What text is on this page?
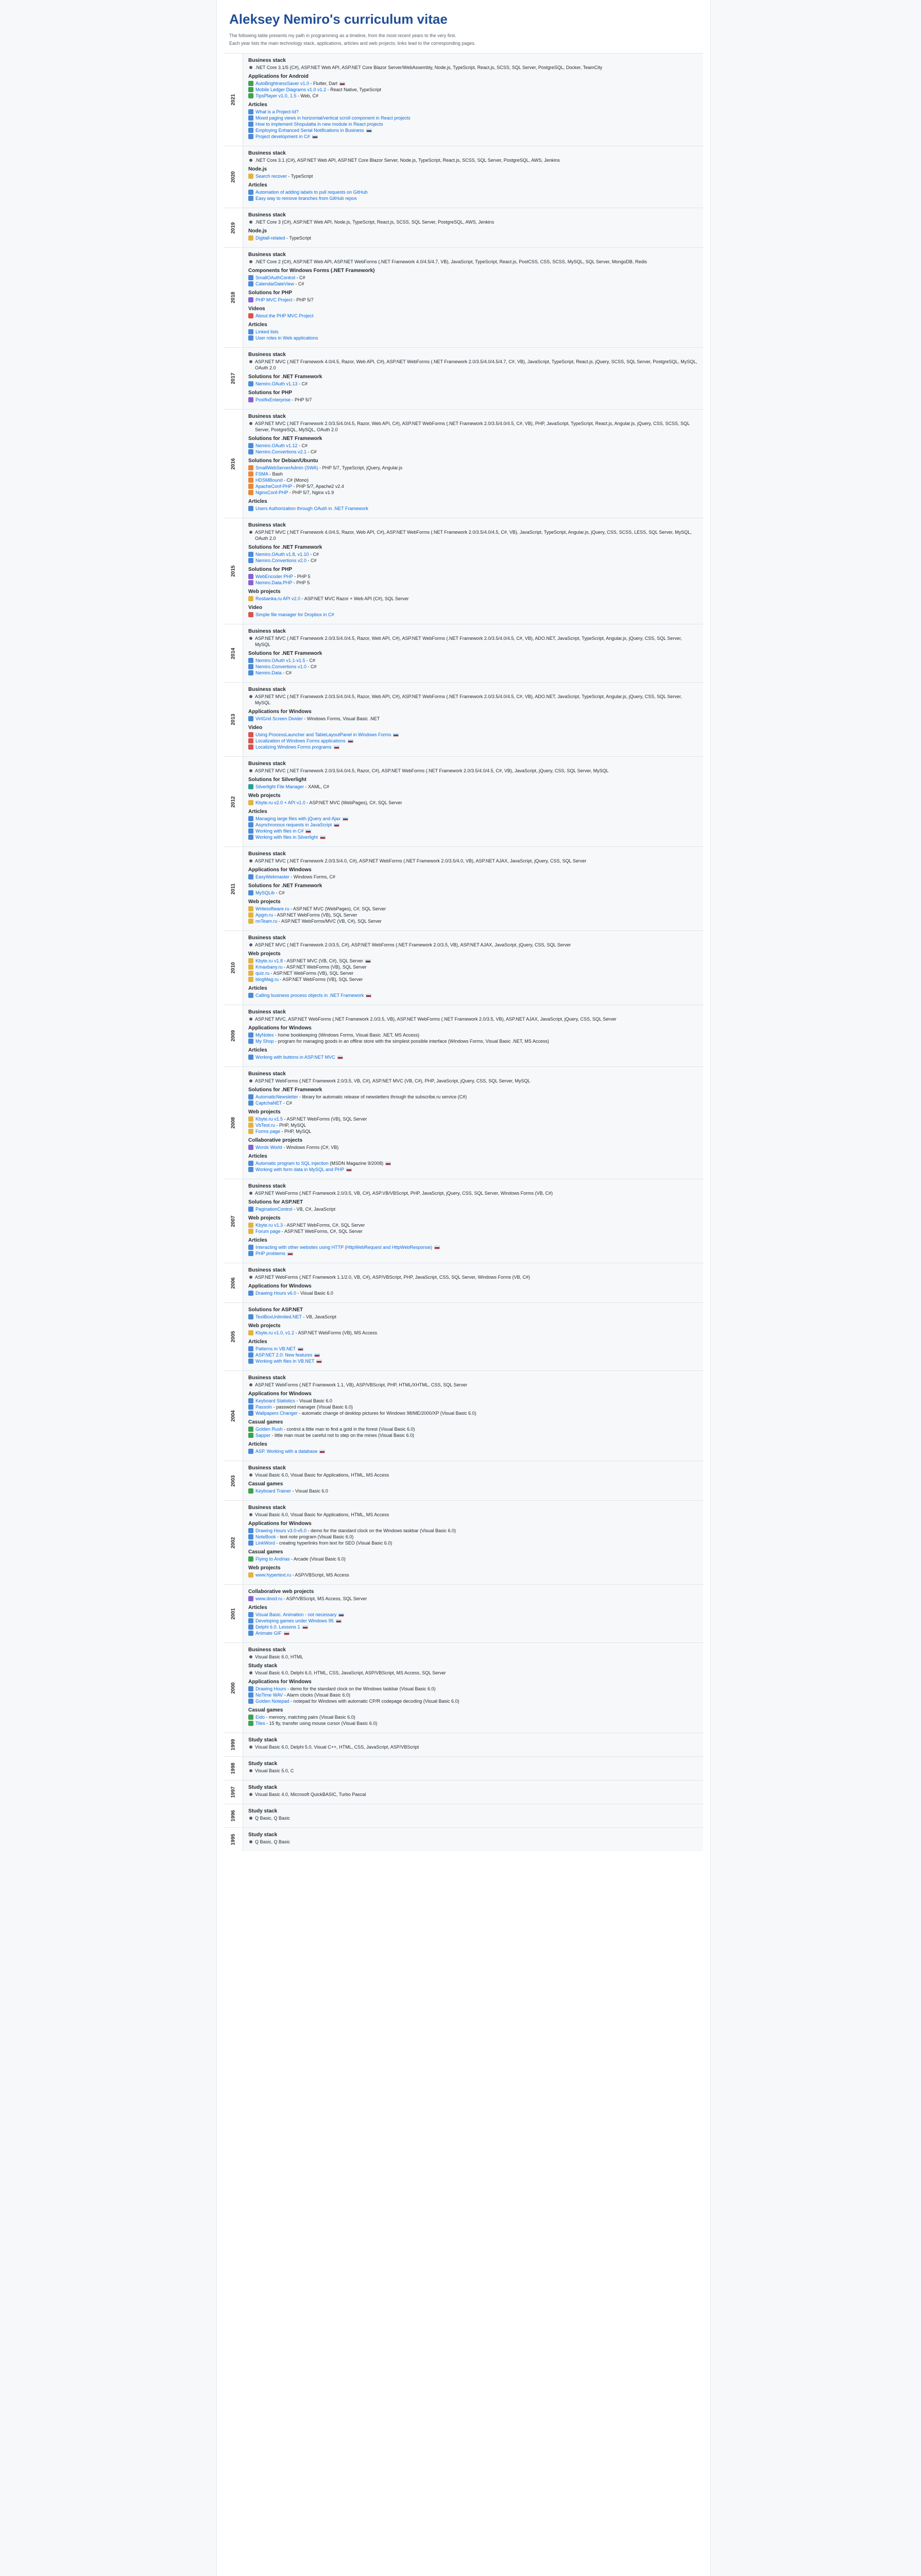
Aleksey Nemiro's curriculum vitae

The following table presents my path in programming as a timeline, from the most recent years to the very first.

Each year lists the main technology stack, applications, articles and web projects; links lead to the corresponding pages.

2021
Business stack
.NET Core 3.1/5 (C#), ASP.NET Web API, ASP.NET Core Blazor Server/WebAssembly, Node.js, TypeScript, React.js, SCSS, SQL Server, PostgreSQL, Docker, TeamCity
Applications for Android
AutoBrightnessSaver v1.0 - Flutter, Dart
Mobile Ledger Diagrams v1.0 v1.2 - React Native, TypeScript
TipsPlayer v1.0, 1.5 - Web, C#
Articles
What is a Project-Id?
Mixed paging views in horizontal/vertical scroll component in React projects
How to implement Shopulatta in new module in React projects
Employing Enhanced Serial Notifications in Business
Project development in C#
2020
Business stack
.NET Core 3.1 (C#), ASP.NET Web API, ASP.NET Core Blazor Server, Node.js, TypeScript, React.js, SCSS, SQL Server, PostgreSQL, AWS, Jenkins
Node.js
Search recover - TypeScript
Articles
Automation of adding labels to pull requests on GitHub
Easy way to remove branches from GitHub repos
2019
Business stack
.NET Core 3 (C#), ASP.NET Web API, Node.js, TypeScript, React.js, SCSS, SQL Server, PostgreSQL, AWS, Jenkins
Node.js
Digitall-related - TypeScript
2018
Business stack
.NET Core 2 (C#), ASP.NET Web API, ASP.NET WebForms (.NET Framework 4.0/4.5/4.7, VB), JavaScript, TypeScript, React.js, PostCSS, CSS, SCSS, MySQL, SQL Server, MongoDB, Redis
Components for Windows Forms (.NET Framework)
SmallOAuthControl - C#
CalendarDateView - C#
Solutions for PHP
PHP MVC Project - PHP 5/7
Videos
About the PHP MVC Project
Articles
Linked lists
User roles in Web applications
2017
Business stack
ASP.NET MVC (.NET Framework 4.0/4.5, Razor, Web API, C#), ASP.NET WebForms (.NET Framework 2.0/3.5/4.0/4.5/4.7, C#, VB), JavaScript, TypeScript, React.js, jQuery, SCSS, SQL Server, PostgreSQL, MySQL, OAuth 2.0
Solutions for .NET Framework
Nemiro.OAuth v1.13 - C#
Solutions for PHP
PostfixEnterprise - PHP 5/7
2016
Business stack
ASP.NET MVC (.NET Framework 2.0/3.5/4.0/4.5, Razor, Web API, C#), ASP.NET WebForms (.NET Framework 2.0/3.5/4.0/4.5, C#, VB), PHP, JavaScript, TypeScript, React.js, Angular.js, jQuery, CSS, SCSS, SQL Server, PostgreSQL, MySQL, OAuth 2.0
Solutions for .NET Framework
Nemiro.OAuth v1.12 - C#
Nemiro.Convertions v2.1 - C#
Solutions for Debian/Ubuntu
SmallWebServerAdmin (SWA) - PHP 5/7, TypeScript, jQuery, Angular.js
FSMA - Bash
HDSMBound - C# (Mono)
ApacheConf-PHP - PHP 5/7, Apache2 v2.4
NginxConf-PHP - PHP 5/7, Nginx v1.9
Articles
Users Authorization through OAuth in .NET Framework
2015
Business stack
ASP.NET MVC (.NET Framework 4.0/4.5, Razor, Web API, C#), ASP.NET WebForms (.NET Framework 2.0/3.5/4.0/4.5, C#, VB), JavaScript, TypeScript, Angular.js, jQuery, CSS, SCSS, LESS, SQL Server, MySQL, OAuth 2.0
Solutions for .NET Framework
Nemiro.OAuth v1.8, v1.10 - C#
Nemiro.Convertions v2.0 - C#
Solutions for PHP
WebEncoder PHP - PHP 5
Nemiro.Data.PHP - PHP 5
Web projects
Rosbanka.ru API v2.0 - ASP.NET MVC Razor + Web API (C#), SQL Server
Video
Simple file manager for Dropbox in C#
2014
Business stack
ASP.NET MVC (.NET Framework 2.0/3.5/4.0/4.5, Razor, Web API, C#), ASP.NET WebForms (.NET Framework 2.0/3.5/4.0/4.5, C#, VB), ADO.NET, JavaScript, TypeScript, Angular.js, jQuery, CSS, SQL Server, MySQL
Solutions for .NET Framework
Nemiro.OAuth v1.1-v1.5 - C#
Nemiro.Convertions v1.0 - C#
Nemiro.Data - C#
2013
Business stack
ASP.NET MVC (.NET Framework 2.0/3.5/4.0/4.5, Razor, Web API, C#), ASP.NET WebForms (.NET Framework 2.0/3.5/4.0/4.5, C#, VB), ADO.NET, JavaScript, TypeScript, Angular.js, jQuery, CSS, SQL Server, MySQL
Applications for Windows
VirtGrid Screen Divider - Windows Forms, Visual Basic .NET
Video
Using ProcessLauncher and TableLayoutPanel in Windows Forms
Localization of Windows Forms applications
Localizing Windows Forms programs
2012
Business stack
ASP.NET MVC (.NET Framework 2.0/3.5/4.0/4.5, Razor, C#), ASP.NET WebForms (.NET Framework 2.0/3.5/4.0/4.5, C#, VB), JavaScript, jQuery, CSS, SQL Server, MySQL
Solutions for Silverlight
Silverlight File Manager - XAML, C#
Web projects
Kbyte.ru v2.0 + API v1.0 - ASP.NET MVC (WebPages), C#, SQL Server
Articles
Managing large files with jQuery and Ajax
Asynchronous requests in JavaScript
Working with files in C#
Working with files in Silverlight
2011
Business stack
ASP.NET MVC (.NET Framework 2.0/3.5/4.0, C#), ASP.NET WebForms (.NET Framework 2.0/3.5/4.0, VB), ASP.NET AJAX, JavaScript, jQuery, CSS, SQL Server
Applications for Windows
EasyWebmaster - Windows Forms, C#
Solutions for .NET Framework
MySQLib - C#
Web projects
Writesoftware.ru - ASP.NET MVC (WebPages), C#, SQL Server
Apgm.ru - ASP.NET WebForms (VB), SQL Server
nnTeam.ru - ASP.NET WebForms/MVC (VB, C#), SQL Server
2010
Business stack
ASP.NET MVC (.NET Framework 2.0/3.5, C#), ASP.NET WebForms (.NET Framework 2.0/3.5, VB), ASP.NET AJAX, JavaScript, jQuery, CSS, SQL Server
Web projects
Kbyte.ru v1.8 - ASP.NET MVC (VB, C#), SQL Server
Kmaxbany.ru - ASP.NET WebForms (VB), SQL Server
quiz.ru - ASP.NET WebForms (VB), SQL Server
blogMag.ru - ASP.NET WebForms (VB), SQL Server
Articles
Calling business process objects in .NET Framework
2009
Business stack
ASP.NET MVC, ASP.NET WebForms (.NET Framework 2.0/3.5, VB), ASP.NET WebForms (.NET Framework 2.0/3.5, VB), ASP.NET AJAX, JavaScript, jQuery, CSS, SQL Server
Applications for Windows
MyNotes - home bookkeeping (Windows Forms, Visual Basic .NET, MS Access)
My Shop - program for managing goods in an offline store with the simplest possible interface (Windows Forms, Visual Basic .NET, MS Access)
Articles
Working with buttons in ASP.NET MVC
2008
Business stack
ASP.NET WebForms (.NET Framework 2.0/3.5, VB, C#), ASP.NET MVC (VB, C#), PHP, JavaScript, jQuery, CSS, SQL Server, MySQL
Solutions for .NET Framework
AutomaticNewsletter - library for automatic release of newsletters through the subscribe.ru service (C#)
CaptchaNET - C#
Web projects
Kbyte.ru v1.5 - ASP.NET WebForms (VB), SQL Server
VbTest.ru - PHP, MySQL
Forms page - PHP, MySQL
Collaborative projects
Words World - Windows Forms (C#, VB)
Articles
Automatic program to SQL injection (MSDN Magazine 9/2008)
Working with form data in MySQL and PHP
2007
Business stack
ASP.NET WebForms (.NET Framework 2.0/3.5, VB, C#), ASP.VB/VBScript, PHP, JavaScript, jQuery, CSS, SQL Server, Windows Forms (VB, C#)
Solutions for ASP.NET
PaginationControl - VB, C#, JavaScript
Web projects
Kbyte.ru v1.3 - ASP.NET WebForms, C#, SQL Server
Forum page - ASP.NET WebForms, C#, SQL Server
Articles
Interacting with other websites using HTTP (HttpWebRequest and HttpWebResponse)
PHP problems
2006
Business stack
ASP.NET WebForms (.NET Framework 1.1/2.0, VB, C#), ASP/VBScript, PHP, JavaScript, CSS, SQL Server, Windows Forms (VB, C#)
Applications for Windows
Drawing Hours v6.0 - Visual Basic 6.0
2005
Solutions for ASP.NET
TextBoxUnlimited.NET - VB, JavaScript
Web projects
Kbyte.ru v1.0, v1.2 - ASP.NET WebForms (VB), MS Access
Articles
Patterns in VB.NET
ASP.NET 2.0: New features
Working with files in VB.NET
2004
Business stack
ASP.NET WebForms (.NET Framework 1.1, VB), ASP/VBScript, PHP, HTML/XHTML, CSS, SQL Server
Applications for Windows
Keyboard Statistics - Visual Basic 6.0
Passoln - password manager (Visual Basic 6.0)
Wallpapers Changer - automatic change of desktop pictures for Windows 98/ME/2000/XP (Visual Basic 6.0)
Casual games
Golden Rush - control a little man to find a gold in the forest (Visual Basic 6.0)
Sapper - little man must be careful not to step on the mines (Visual Basic 6.0)
Articles
ASP. Working with a database
2003
Business stack
Visual Basic 6.0, Visual Basic for Applications, HTML, MS Access
Casual games
Keyboard Trainer - Visual Basic 6.0
2002
Business stack
Visual Basic 6.0, Visual Basic for Applications, HTML, MS Access
Applications for Windows
Drawing Hours v3.0-v5.0 - demo for the standard clock on the Windows taskbar (Visual Basic 6.0)
NoteBook - text note program (Visual Basic 6.0)
LinkWord - creating hyperlinks from text for SEO (Visual Basic 6.0)
Casual games
Flying to Andrias - Arcade (Visual Basic 6.0)
Web projects
www.hypertext.ru - ASP/VBScript, MS Access
2001
Collaborative web projects
www.dood.ru - ASP/VBScript, MS Access, SQL Server
Articles
Visual Basic. Animation - not necessary
Developing games under Windows 95
Delphi 6.0. Lessons 1
Animate GIF
2000
Business stack
Visual Basic 6.0, HTML
Study stack
Visual Basic 6.0, Delphi 6.0, HTML, CSS, JavaScript, ASP/VBScript, MS Access, SQL Server
Applications for Windows
Drawing Hours - demo for the standard clock on the Windows taskbar (Visual Basic 6.0)
NoTime WAV - Alarm clocks (Visual Basic 6.0)
Golden Notepad - notepad for Windows with automatic CP/R codepage decoding (Visual Basic 6.0)
Casual games
Eido - memory, matching pairs (Visual Basic 6.0)
Tiles - 15 fly, transfer using mouse cursor (Visual Basic 6.0)
1999 Study stack
Visual Basic 6.0, Delphi 5.0, Visual C++, HTML, CSS, JavaScript, ASP/VBScript
1998 Study stack
Visual Basic 5.0, C
1997 Study stack
Visual Basic 4.0, Microsoft QuickBASIC, Turbo Pascal
1996 Study stack
Q Basic, Q Basic
1995 Study stack
Q Basic, Q Basic
